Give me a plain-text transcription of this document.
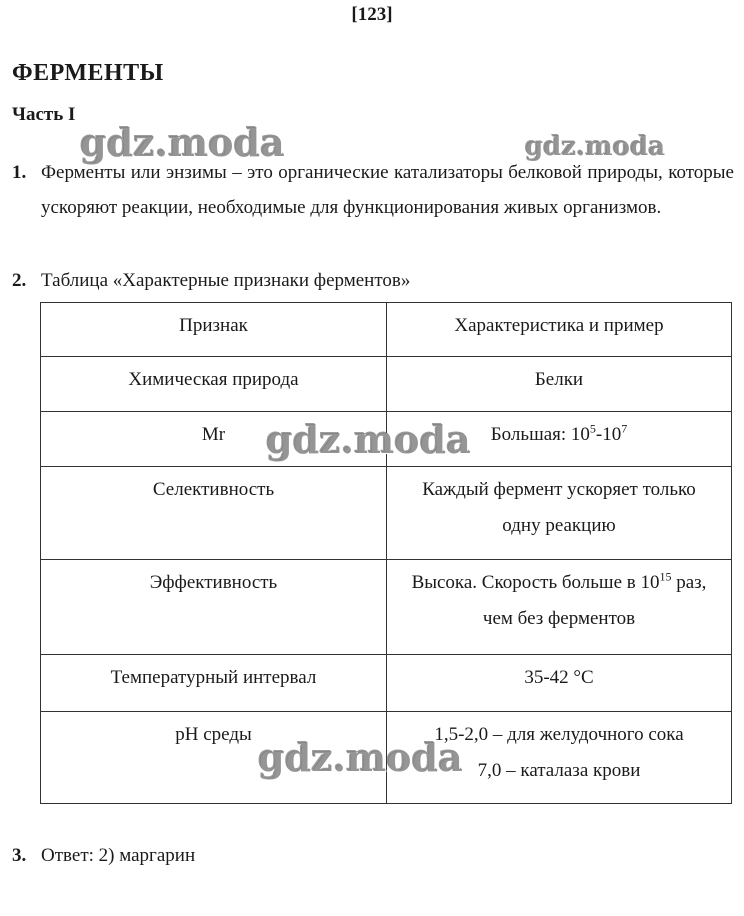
[123]
ФЕРМЕНТЫ
Часть I
1. Ферменты или энзимы – это органические катализаторы белковой природы, которые ускоряют реакции, необходимые для функционирования живых организмов.
2. Таблица «Характерные признаки ферментов»
Признак	Характеристика и пример
Химическая природа	Белки
Mr	Большая: $10^5-10^7$
Селективность	Каждый фермент ускоряет только
одну реакцию

Эффективность	Высока. Скорость больше в $10^{15}$ раз,
чем без ферментов

Температурный интервал	35-42 °С
рН среды	1,5-2,0 – для желудочного сока
7,0 – каталаза крови
3. Ответ: 2) маргарин
gdz.moda	gdz.moda
gdz.moda
gdz.moda
